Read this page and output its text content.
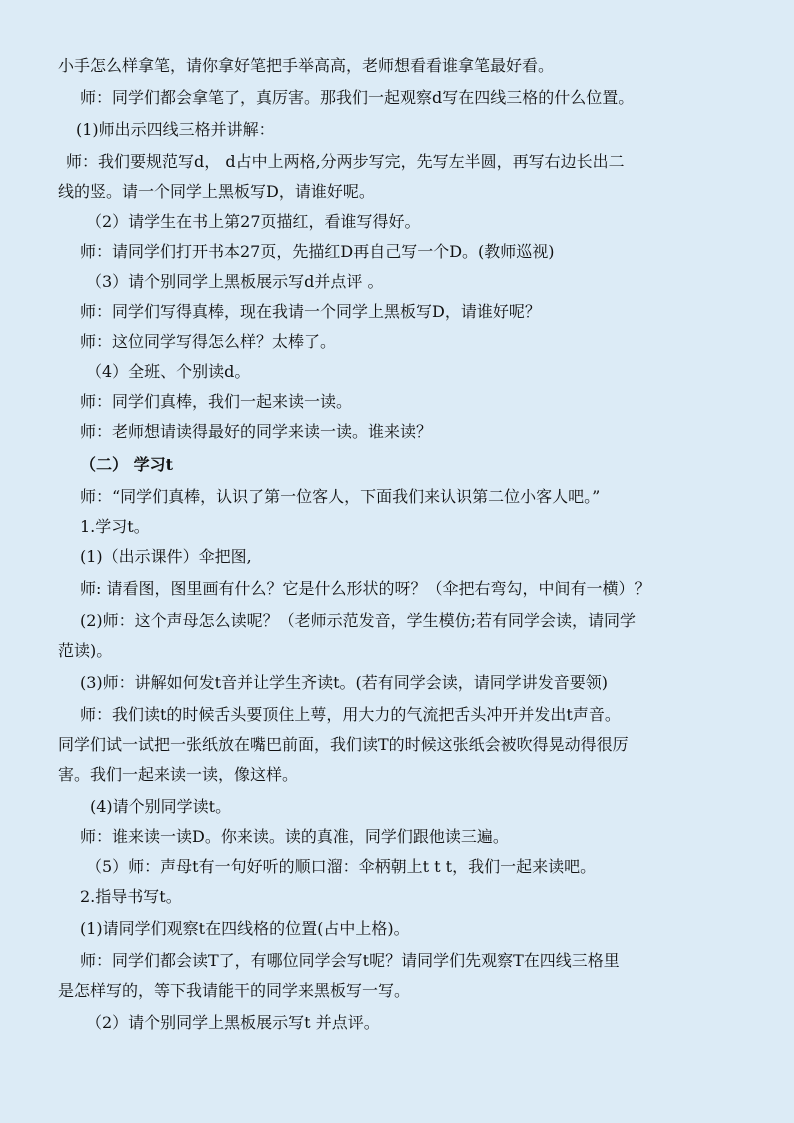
小手怎么样拿笔，请你拿好笔把手举高高，老师想看看谁拿笔最好看。
师：同学们都会拿笔了，真厉害。那我们一起观察d写在四线三格的什么位置。
(1)师出示四线三格并讲解：
师：我们要规范写d， d占中上两格,分两步写完，先写左半圆，再写右边长出二
线的竖。请一个同学上黑板写D，请谁好呢。
（2）请学生在书上第27页描红，看谁写得好。
师：请同学们打开书本27页，先描红D再自己写一个D。(教师巡视)
（3）请个别同学上黑板展示写d并点评 。
师：同学们写得真棒，现在我请一个同学上黑板写D，请谁好呢？
师：这位同学写得怎么样？太棒了。
（4）全班、个别读d。
师：同学们真棒，我们一起来读一读。
师：老师想请读得最好的同学来读一读。谁来读？
（二） 学习t
师：“同学们真棒，认识了第一位客人，下面我们来认识第二位小客人吧。”
1.学习t。
(1)（出示课件）伞把图,
师: 请看图，图里画有什么？它是什么形状的呀？（伞把右弯勾，中间有一横）？
(2)师：这个声母怎么读呢？（老师示范发音，学生模仿;若有同学会读，请同学
范读)。
(3)师：讲解如何发t音并让学生齐读t。(若有同学会读，请同学讲发音要领)
师：我们读t的时候舌头要顶住上萼，用大力的气流把舌头冲开并发出t声音。
同学们试一试把一张纸放在嘴巴前面，我们读T的时候这张纸会被吹得晃动得很厉
害。我们一起来读一读，像这样。
(4)请个别同学读t。
师：谁来读一读D。你来读。读的真准，同学们跟他读三遍。
（5）师：声母t有一句好听的顺口溜：伞柄朝上t t t，我们一起来读吧。
2.指导书写t。
(1)请同学们观察t在四线格的位置(占中上格)。
师：同学们都会读T了，有哪位同学会写t呢？请同学们先观察T在四线三格里
是怎样写的，等下我请能干的同学来黑板写一写。
（2）请个别同学上黑板展示写t 并点评。
